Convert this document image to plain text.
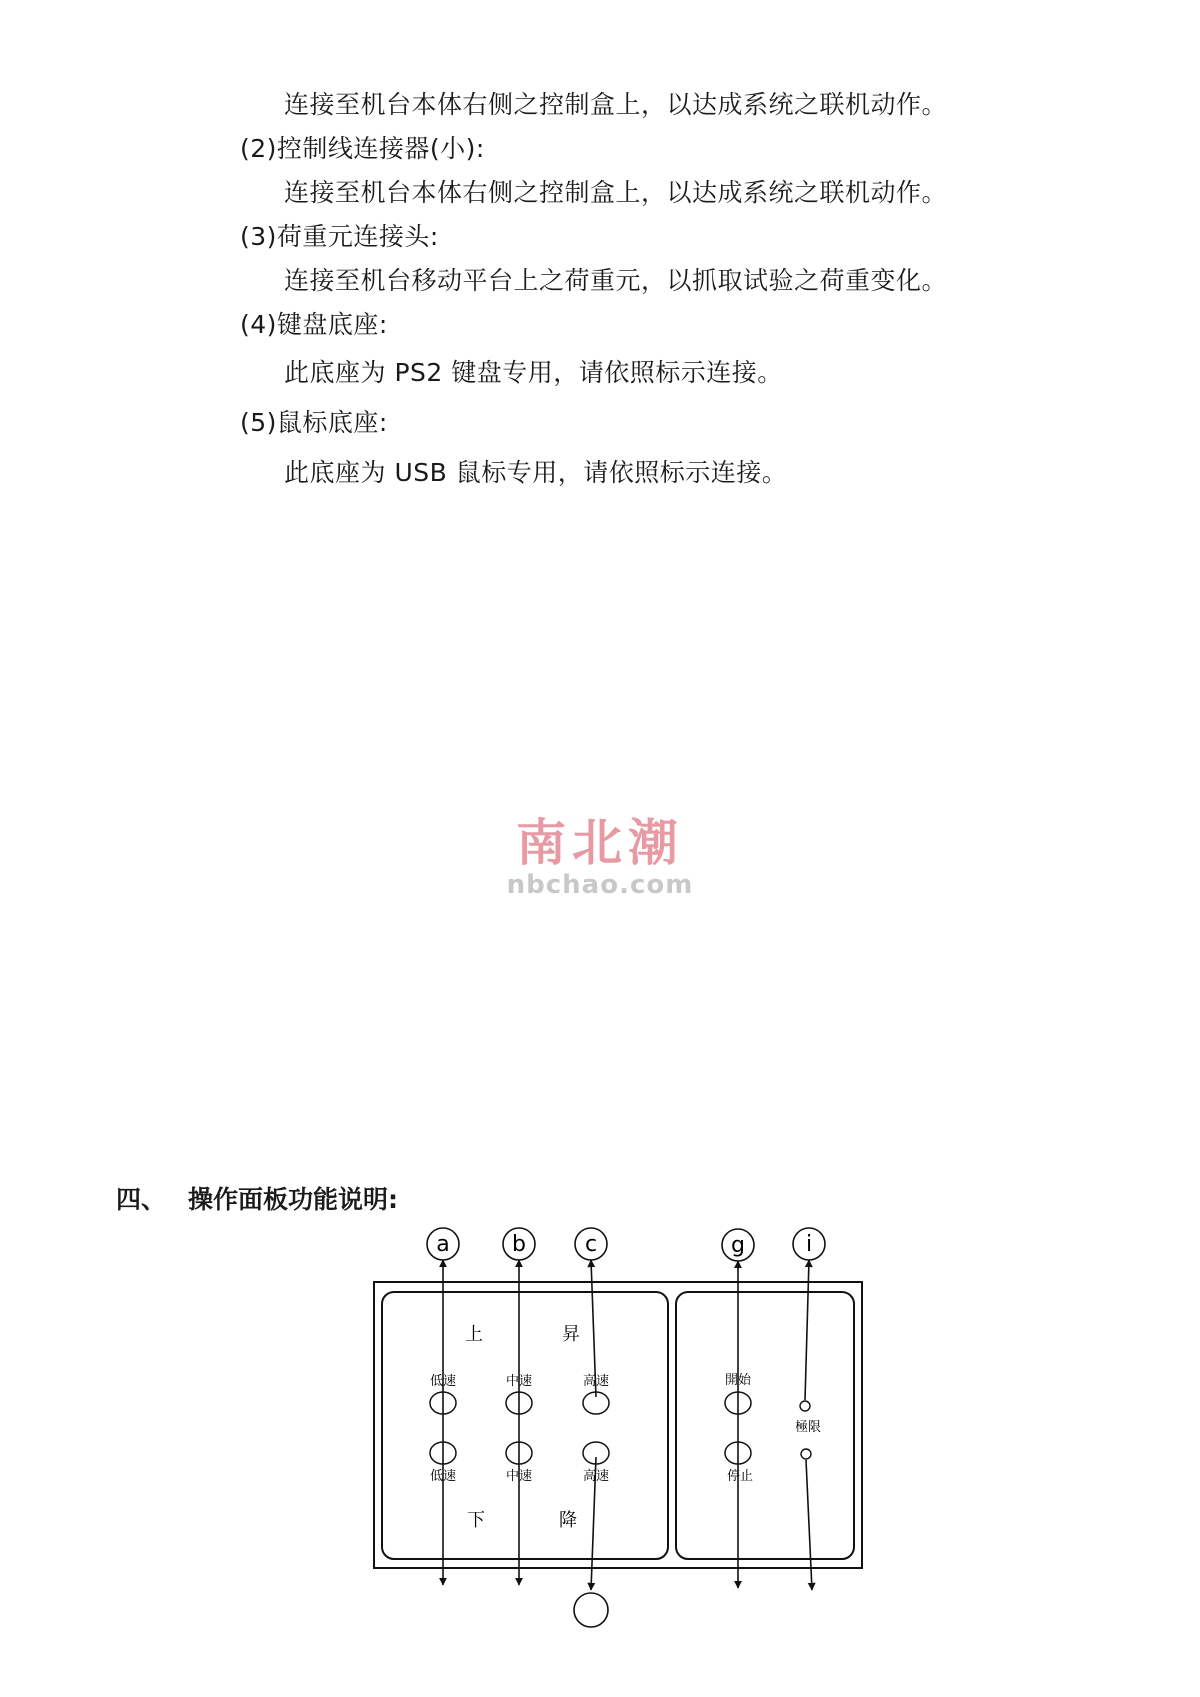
连接至机台本体右侧之控制盒上，以达成系统之联机动作。
(2)控制线连接器(小):
连接至机台本体右侧之控制盒上，以达成系统之联机动作。
(3)荷重元连接头:
连接至机台移动平台上之荷重元，以抓取试验之荷重变化。
(4)键盘底座:
此底座为 PS2 键盘专用，请依照标示连接。
(5)鼠标底座:
此底座为 USB 鼠标专用，请依照标示连接。
南北潮
nbchao.com
四、 操作面板功能说明:
a	b	c	g	i
上	昇
下	降
低速	中速	高速
低速	中速	高速
開始
停止
極限
